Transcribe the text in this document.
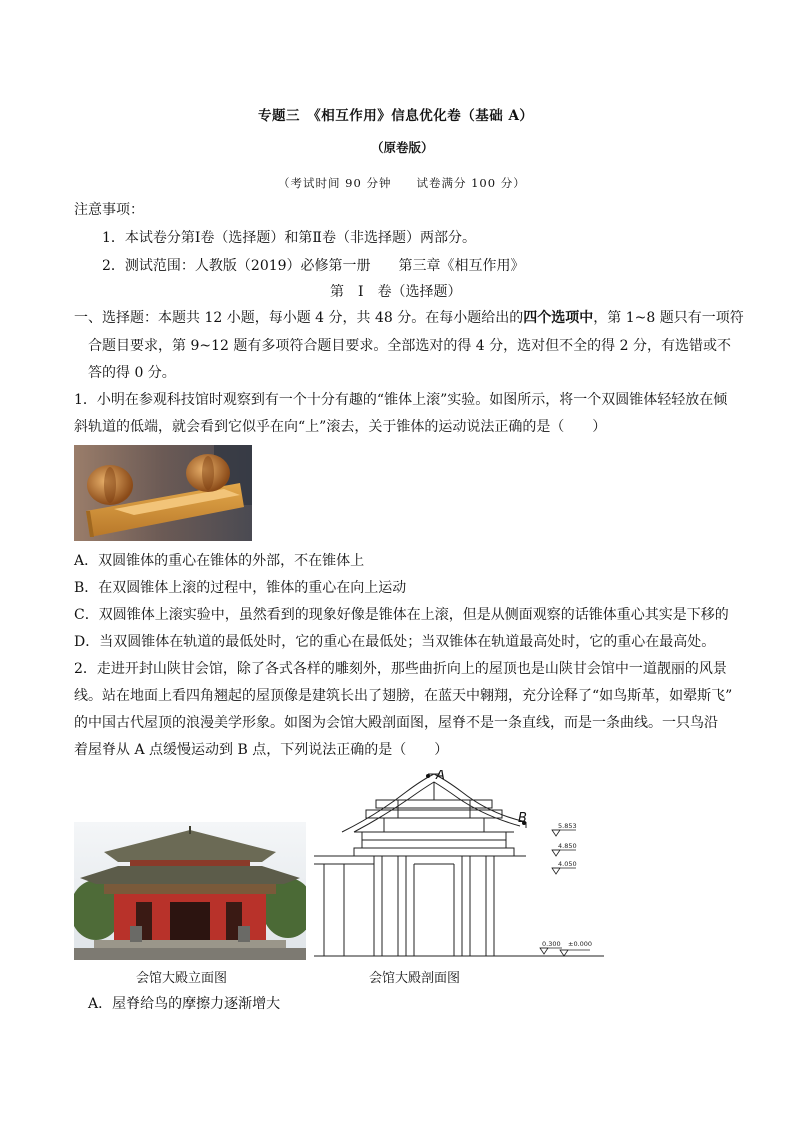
专题三　《相互作用》信息优化卷（基础 A）
（原卷版）
（考试时间 90 分钟　　试卷满分 100 分）
注意事项：
1．本试卷分第Ⅰ卷（选择题）和第Ⅱ卷（非选择题）两部分。
2．测试范围：人教版（2019）必修第一册　　第三章《相互作用》
第　Ⅰ　卷（选择题）
一、选择题：本题共 12 小题，每小题 4 分，共 48 分。在每小题给出的四个选项中，第 1~8 题只有一项符
合题目要求，第 9~12 题有多项符合题目要求。全部选对的得 4 分，选对但不全的得 2 分，有选错或不
答的得 0 分。
1．小明在参观科技馆时观察到有一个十分有趣的“锥体上滚”实验。如图所示，将一个双圆锥体轻轻放在倾
斜轨道的低端，就会看到它似乎在向“上”滚去，关于锥体的运动说法正确的是（　　）
A．双圆锥体的重心在锥体的外部，不在锥体上
B．在双圆锥体上滚的过程中，锥体的重心在向上运动
C．双圆锥体上滚实验中，虽然看到的现象好像是锥体在上滚，但是从侧面观察的话锥体重心其实是下移的
D．当双圆锥体在轨道的最低处时，它的重心在最低处；当双锥体在轨道最高处时，它的重心在最高处。
2．走进开封山陕甘会馆，除了各式各样的雕刻外，那些曲折向上的屋顶也是山陕甘会馆中一道靓丽的风景
线。站在地面上看四角翘起的屋顶像是建筑长出了翅膀，在蓝天中翱翔，充分诠释了“如鸟斯革，如翚斯飞”
的中国古代屋顶的浪漫美学形象。如图为会馆大殿剖面图，屋脊不是一条直线，而是一条曲线。一只鸟沿
着屋脊从 A 点缓慢运动到 B 点，下列说法正确的是（　　）
会馆大殿立面图
A
B	5.853
4.850
4.050
0.300 ±0.000
会馆大殿剖面图
A．屋脊给鸟的摩擦力逐渐增大
